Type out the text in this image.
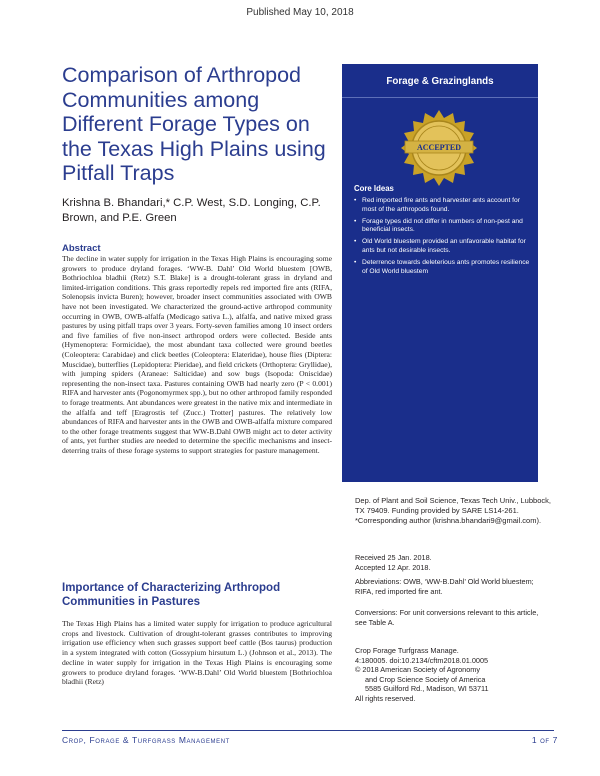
Published May 10, 2018
Comparison of Arthropod Communities among Different Forage Types on the Texas High Plains using Pitfall Traps
Krishna B. Bhandari,* C.P. West, S.D. Longing, C.P. Brown, and P.E. Green
Abstract
The decline in water supply for irrigation in the Texas High Plains is encouraging some growers to produce dryland forages. ‘WW-B. Dahl’ Old World bluestem [OWB, Bothriochloa bladhii (Retz) S.T. Blake] is a drought-tolerant grass in dryland and limited-irrigation conditions. This grass reportedly repels red imported fire ants (RIFA, Solenopsis invicta Buren); however, broader insect communities associated with OWB have not been investigated. We characterized the ground-active arthropod community occurring in OWB, OWB-alfalfa (Medicago sativa L.), alfalfa, and native mixed grass pastures by using pitfall traps over 3 years. Forty-seven families among 10 insect orders and five families of five non-insect arthropod orders were collected. Beside ants (Hymenoptera: Formicidae), the most abundant taxa collected were ground beetles (Coleoptera: Carabidae) and click beetles (Coleoptera: Elateridae), house flies (Diptera: Muscidae), butterflies (Lepidoptera: Pieridae), and field crickets (Orthoptera: Gryllidae), with jumping spiders (Araneae: Salticidae) and sow bugs (Isopoda: Oniscidae) representing the non-insect taxa. Pastures containing OWB had nearly zero (P < 0.001) RIFA and harvester ants (Pogonomyrmex spp.), but no other arthropod family responded to forage treatments. Ant abundances were greatest in the native mix and intermediate in the alfalfa and teff [Eragrostis tef (Zucc.) Trotter] pastures. The relatively low abundances of RIFA and harvester ants in the OWB and OWB-alfalfa mixture compared to the other forage treatments suggest that WW-B.Dahl OWB might act to deter activity of ants, yet further studies are needed to determine the specific mechanisms and insect-deterring traits of these forage systems to support strategies for pasture management.
Importance of Characterizing Arthropod Communities in Pastures
The Texas High Plains has a limited water supply for irrigation to produce agricultural crops and livestock. Cultivation of drought-tolerant grasses contributes to improving irrigation use efficiency when such grasses support beef cattle (Bos taurus) production in a system integrated with cotton (Gossypium hirsutum L.) (Johnson et al., 2013). The decline in water supply for irrigation in the Texas High Plains is encouraging some growers to produce dryland forages. ‘WW-B.Dahl’ Old World bluestem [Bothriochloa bladhii (Retz)
Forage & Grazinglands
ACCEPTED
Core Ideas
• Red imported fire ants and harvester ants account for most of the arthropods found.
• Forage types did not differ in numbers of non-pest and beneficial insects.
• Old World bluestem provided an unfavorable habitat for ants but not desirable insects.
• Deterrence towards deleterious ants promotes resilience of Old World bluestem
Dep. of Plant and Soil Science, Texas Tech Univ., Lubbock, TX 79409. Funding provided by SARE LS14-261. *Corresponding author (krishna.bhandari9@gmail.com).
Received 25 Jan. 2018.
Accepted 12 Apr. 2018.
Abbreviations: OWB, ‘WW-B.Dahl’ Old World bluestem; RIFA, red imported fire ant.
Conversions: For unit conversions relevant to this article, see Table A.
Crop Forage Turfgrass Manage.
4:180005. doi:10.2134/cftm2018.01.0005
© 2018 American Society of Agronomy
and Crop Science Society of America
5585 Guilford Rd., Madison, WI 53711
All rights reserved.
Crop, Forage & Turfgrass Management	1 of 7
